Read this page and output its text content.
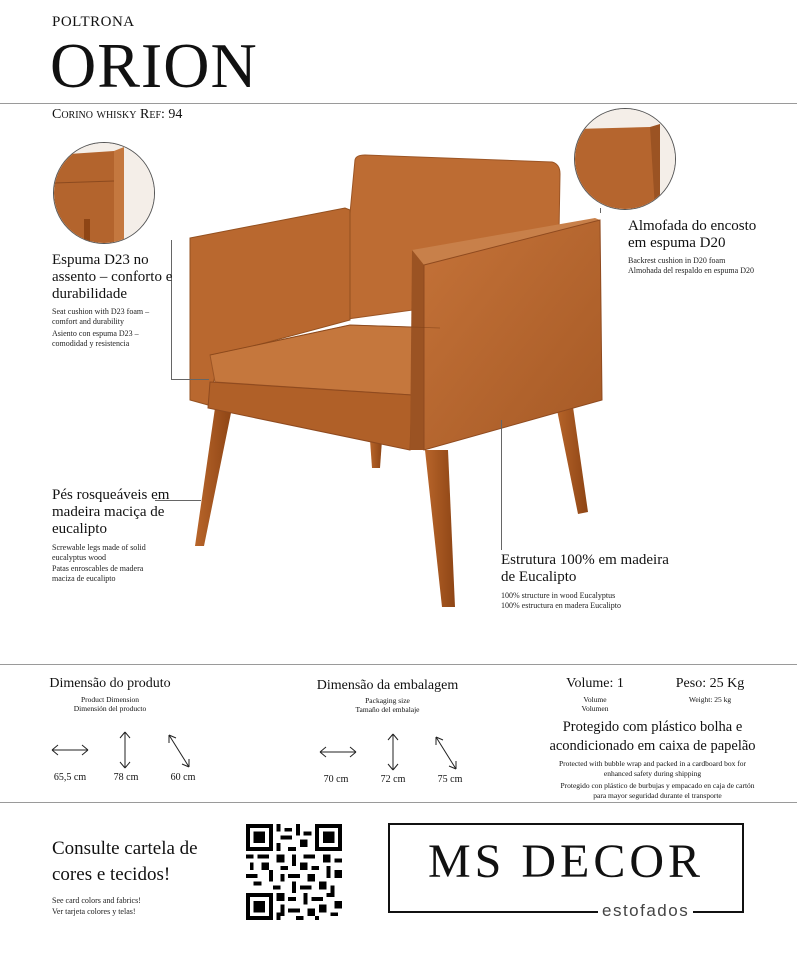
POLTRONA
ORION
Corino whisky Ref: 94
Espuma D23 no assento – conforto e durabilidade
Seat cushion with D23 foam – comfort and durability
Asiento con espuma D23 – comodidad y resistencia
Almofada do encosto em espuma D20
Backrest cushion in D20 foam
Almohada del respaldo en espuma D20
Pés rosqueáveis em madeira maciça de eucalipto
Screwable legs made of solid eucalyptus wood
Patas enroscables de madera maciza de eucalipto
Estrutura 100% em madeira de Eucalipto
100% structure in wood Eucalyptus
100% estructura en madera Eucalipto
Dimensão do produto
Product Dimension
Dimensión del producto
65,5 cm	78 cm	60 cm
Dimensão da embalagem
Packaging size
Tamaño del embalaje
70 cm	72 cm	75 cm
Volume: 1
Volume
Volumen
Peso: 25 Kg
Weight: 25 kg
Protegido com plástico bolha e acondicionado em caixa de papelão
Protected with bubble wrap and packed in a cardboard box for enhanced safety during shipping
Protegido con plástico de burbujas y empacado en caja de cartón para mayor seguridad durante el transporte
Consulte cartela de cores e tecidos!
See card colors and fabrics!
Ver tarjeta colores y telas!
MS DECOR
estofados
